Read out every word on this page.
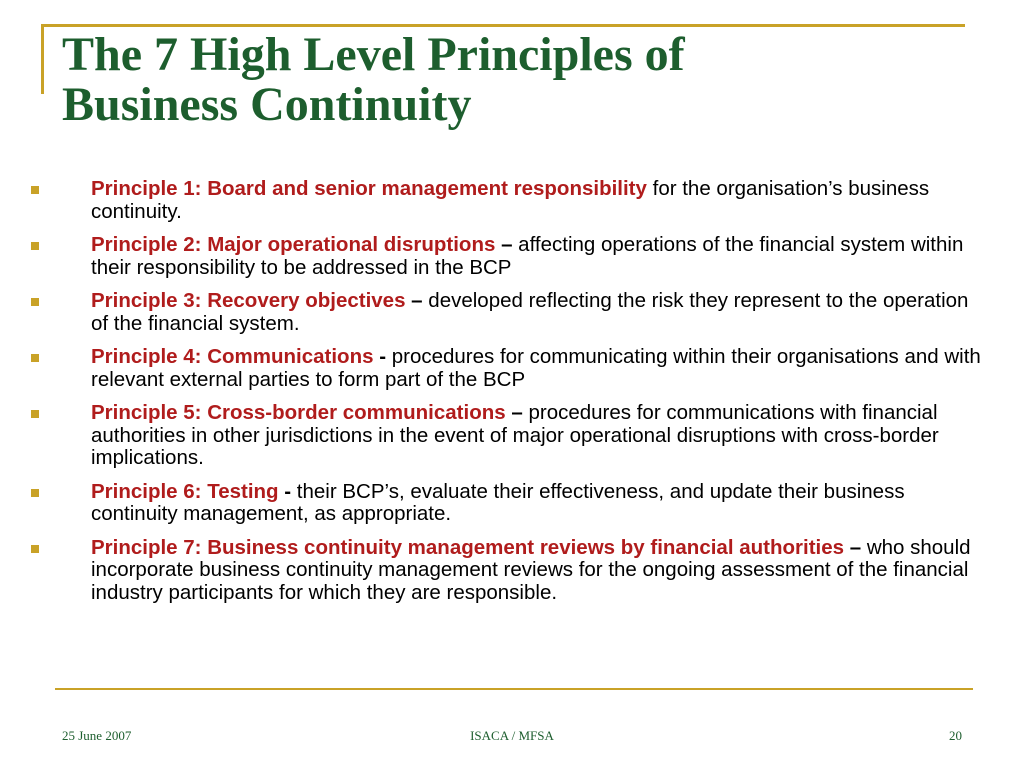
The 7 High Level Principles of
Business Continuity
Principle 1: Board and senior management responsibility for the organisation’s business continuity.
Principle 2: Major operational disruptions – affecting operations of the financial system within their responsibility to be addressed in the BCP
Principle 3: Recovery objectives – developed reflecting the risk they represent to the operation of the financial system.
Principle 4: Communications - procedures for communicating within their organisations and with relevant external parties to form part of the BCP
Principle 5: Cross-border communications – procedures for communications with financial authorities in other jurisdictions in the event of major operational disruptions with cross-border implications.
Principle 6: Testing - their BCP’s, evaluate their effectiveness, and update their business continuity management, as appropriate.
Principle 7: Business continuity management reviews by financial authorities – who should incorporate business continuity management reviews for the ongoing assessment of the financial industry participants for which they are responsible.
25 June 2007	ISACA / MFSA	20
